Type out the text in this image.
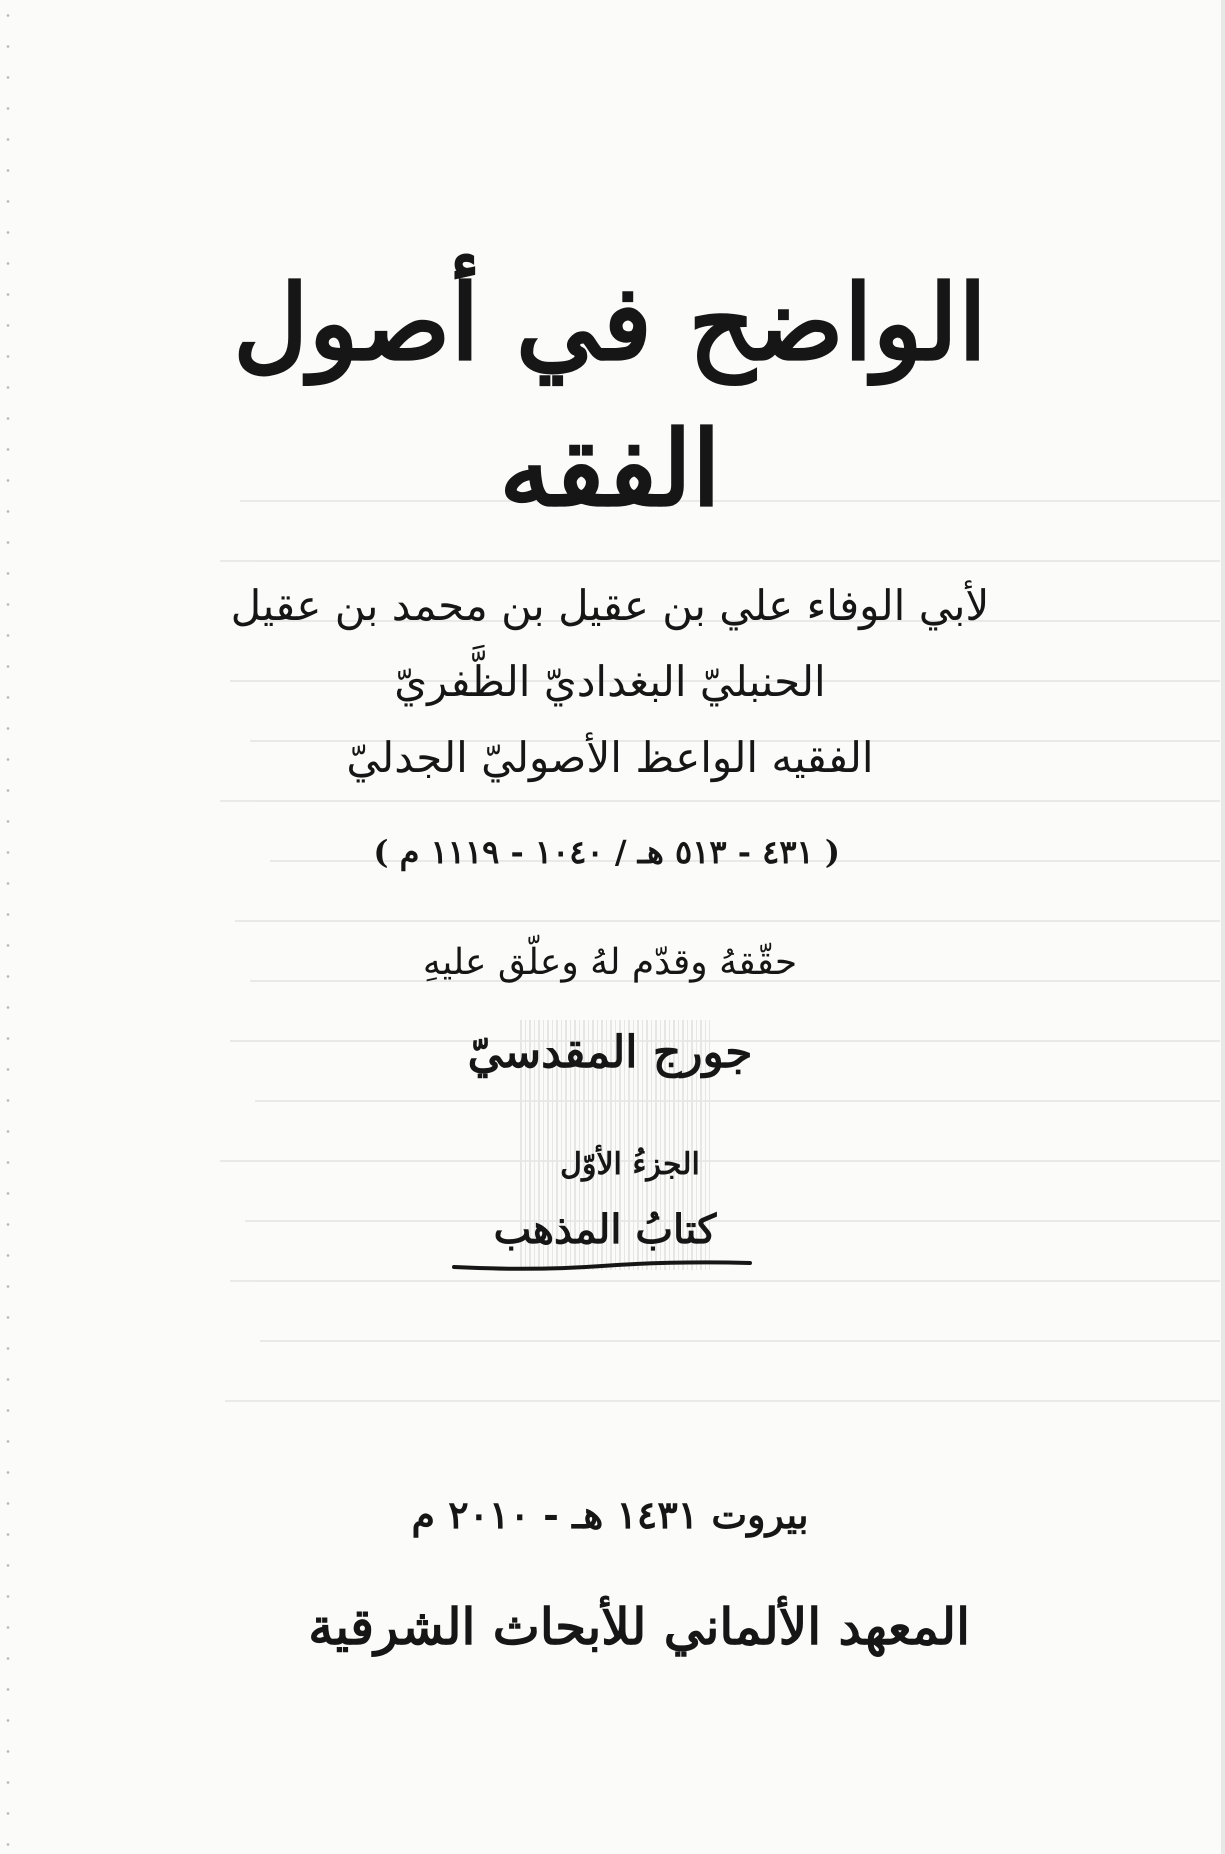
الواضح في أصول الفقه
لأبي الوفاء علي بن عقيل بن محمد بن عقيل
الحنبليّ البغداديّ الظَّفريّ
الفقيه الواعظ الأصوليّ الجدليّ
( ٤٣١ - ٥١٣ هـ / ١٠٤٠ - ١١١٩ م )
حقّقهُ وقدّم لهُ وعلّق عليهِ
جورج المقدسيّ
الجزءُ الأوّل
كتابُ المذهب
بيروت ١٤٣١ هـ - ٢٠١٠ م
المعهد الألماني للأبحاث الشرقية
